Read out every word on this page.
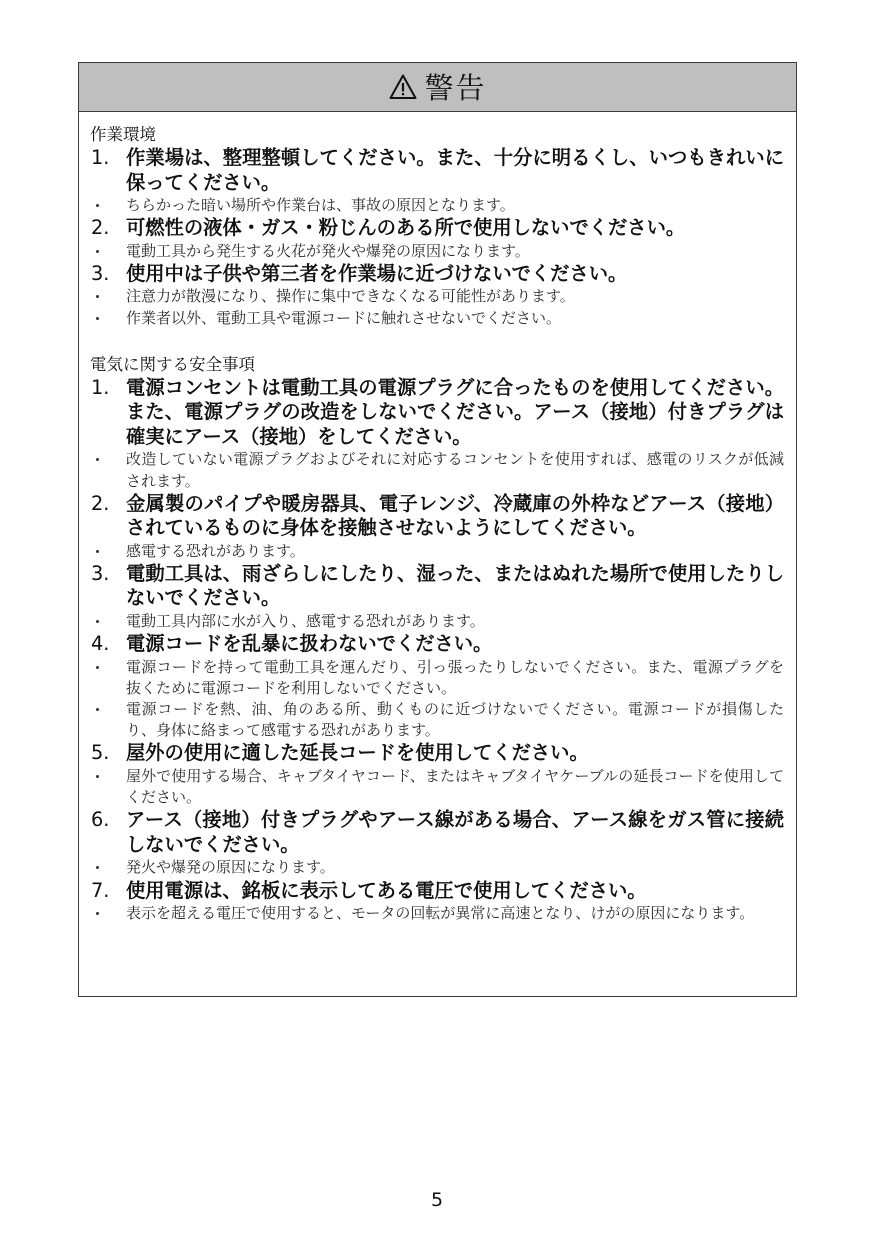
警告
作業環境
1. 作業場は、整理整頓してください。また、十分に明るくし、いつもきれいに保ってください。
ちらかった暗い場所や作業台は、事故の原因となります。
2. 可燃性の液体・ガス・粉じんのある所で使用しないでください。
電動工具から発生する火花が発火や爆発の原因になります。
3. 使用中は子供や第三者を作業場に近づけないでください。
注意力が散漫になり、操作に集中できなくなる可能性があります。
作業者以外、電動工具や電源コードに触れさせないでください。
電気に関する安全事項
1. 電源コンセントは電動工具の電源プラグに合ったものを使用してください。また、電源プラグの改造をしないでください。アース（接地）付きプラグは確実にアース（接地）をしてください。
改造していない電源プラグおよびそれに対応するコンセントを使用すれば、感電のリスクが低減されます。
2. 金属製のパイプや暖房器具、電子レンジ、冷蔵庫の外枠などアース（接地）されているものに身体を接触させないようにしてください。
感電する恐れがあります。
3. 電動工具は、雨ざらしにしたり、湿った、またはぬれた場所で使用したりしないでください。
電動工具内部に水が入り、感電する恐れがあります。
4. 電源コードを乱暴に扱わないでください。
電源コードを持って電動工具を運んだり、引っ張ったりしないでください。また、電源プラグを抜くために電源コードを利用しないでください。
電源コードを熱、油、角のある所、動くものに近づけないでください。電源コードが損傷したり、身体に絡まって感電する恐れがあります。
5. 屋外の使用に適した延長コードを使用してください。
屋外で使用する場合、キャブタイヤコード、またはキャブタイヤケーブルの延長コードを使用してください。
6. アース（接地）付きプラグやアース線がある場合、アース線をガス管に接続しないでください。
発火や爆発の原因になります。
7. 使用電源は、銘板に表示してある電圧で使用してください。
表示を超える電圧で使用すると、モータの回転が異常に高速となり、けがの原因になります。
5
